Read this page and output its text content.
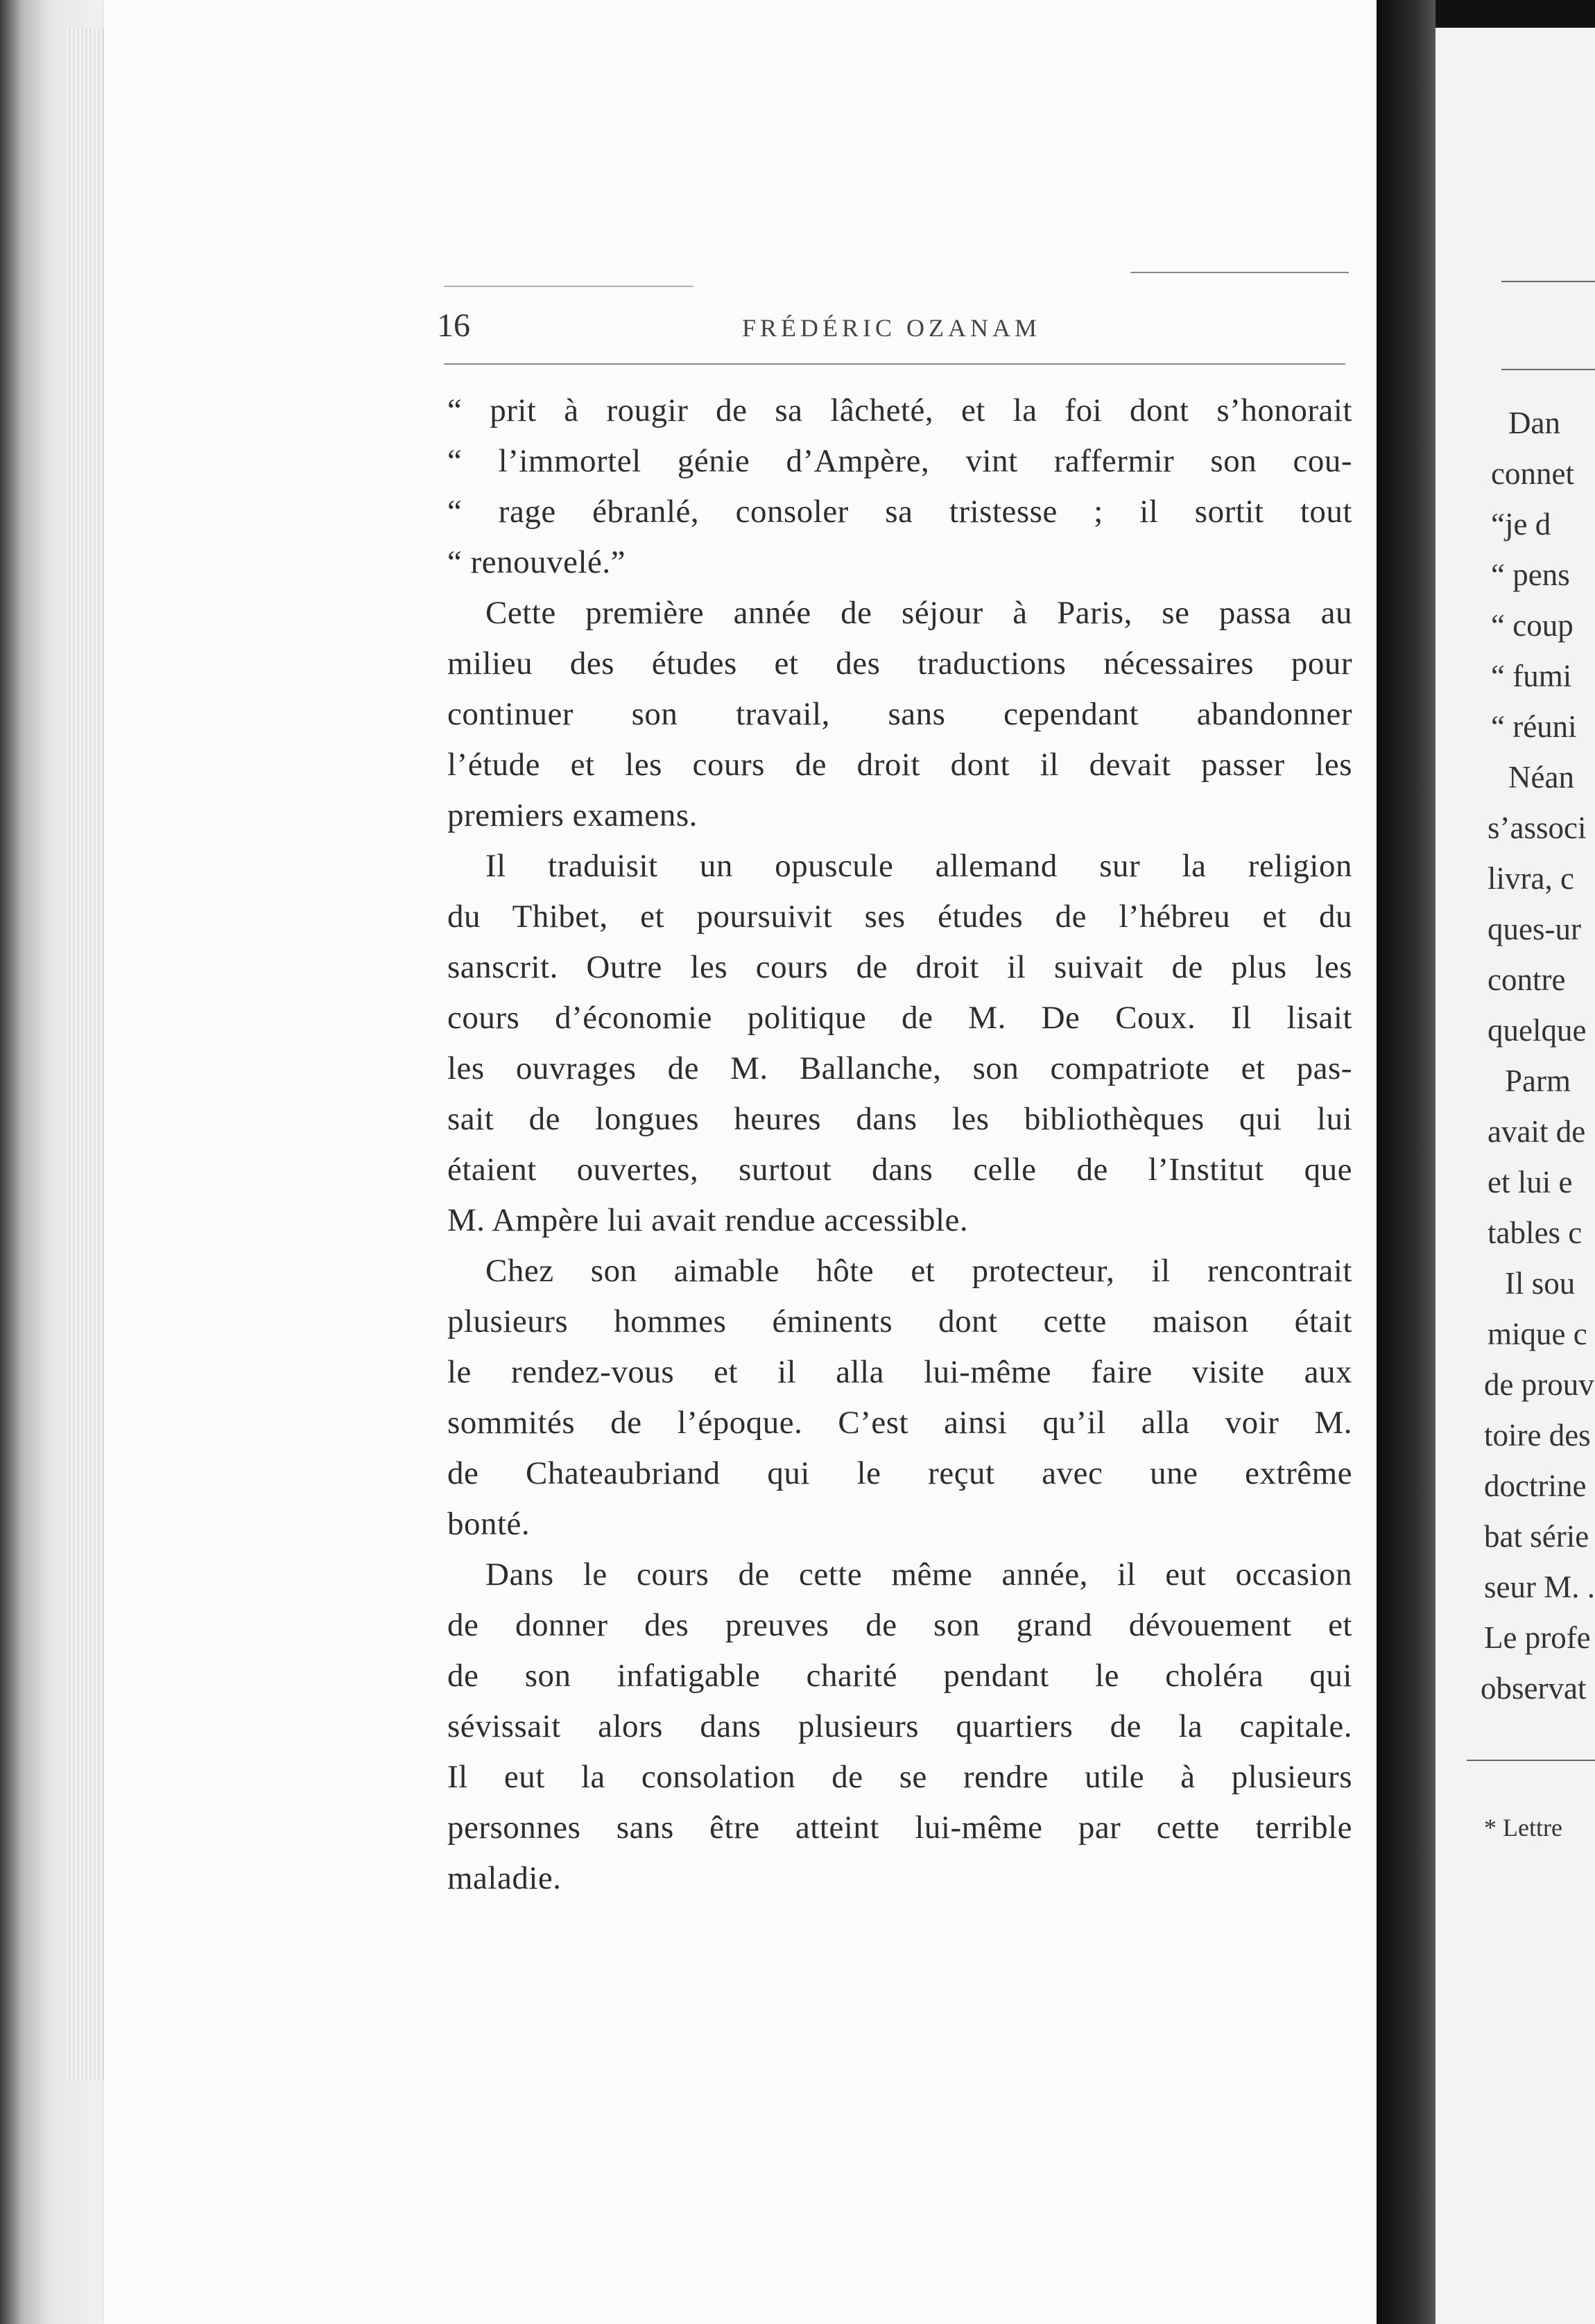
16	FRÉDÉRIC OZANAM
“ prit à rougir de sa lâcheté, et la foi dont s’honorait
“ l’immortel génie d’Ampère, vint raffermir son cou-
“ rage ébranlé, consoler sa tristesse ; il sortit tout
“ renouvelé.”
Cette première année de séjour à Paris, se passa au
milieu des études et des traductions nécessaires pour
continuer son travail, sans cependant abandonner
l’étude et les cours de droit dont il devait passer les
premiers examens.
Il traduisit un opuscule allemand sur la religion
du Thibet, et poursuivit ses études de l’hébreu et du
sanscrit. Outre les cours de droit il suivait de plus les
cours d’économie politique de M. De Coux. Il lisait
les ouvrages de M. Ballanche, son compatriote et pas-
sait de longues heures dans les bibliothèques qui lui
étaient ouvertes, surtout dans celle de l’Institut que
M. Ampère lui avait rendue accessible.
Chez son aimable hôte et protecteur, il rencontrait
plusieurs hommes éminents dont cette maison était
le rendez-vous et il alla lui-même faire visite aux
sommités de l’époque. C’est ainsi qu’il alla voir M.
de Chateaubriand qui le reçut avec une extrême
bonté.
Dans le cours de cette même année, il eut occasion
de donner des preuves de son grand dévouement et
de son infatigable charité pendant le choléra qui
sévissait alors dans plusieurs quartiers de la capitale.
Il eut la consolation de se rendre utile à plusieurs
personnes sans être atteint lui-même par cette terrible
maladie.
Dan
connet
“je d
“ pens
“ coup
“ fumi
“ réuni
Néan
s’associ
livra, c
ques-ur
contre
quelque
Parm
avait de
et lui e
tables c
Il sou
mique c
de prouv
toire des
doctrine
bat série
seur M. .
Le profe
observat
* Lettre
